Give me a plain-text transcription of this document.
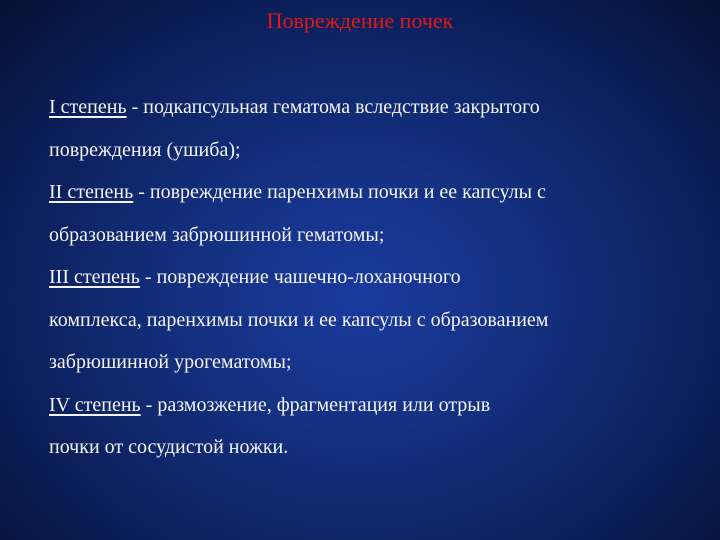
Повреждение почек

I степень - подкапсульная гематома вследствие закрытого
повреждения (ушиба);

II степень - повреждение паренхимы почки и ее капсулы с
образованием забрюшинной гематомы;

III степень - повреждение чашечно-лоханочного
комплекса, паренхимы почки и ее капсулы с образованием
забрюшинной урогематомы;

IV степень - размозжение, фрагментация или отрыв
почки от сосудистой ножки.
